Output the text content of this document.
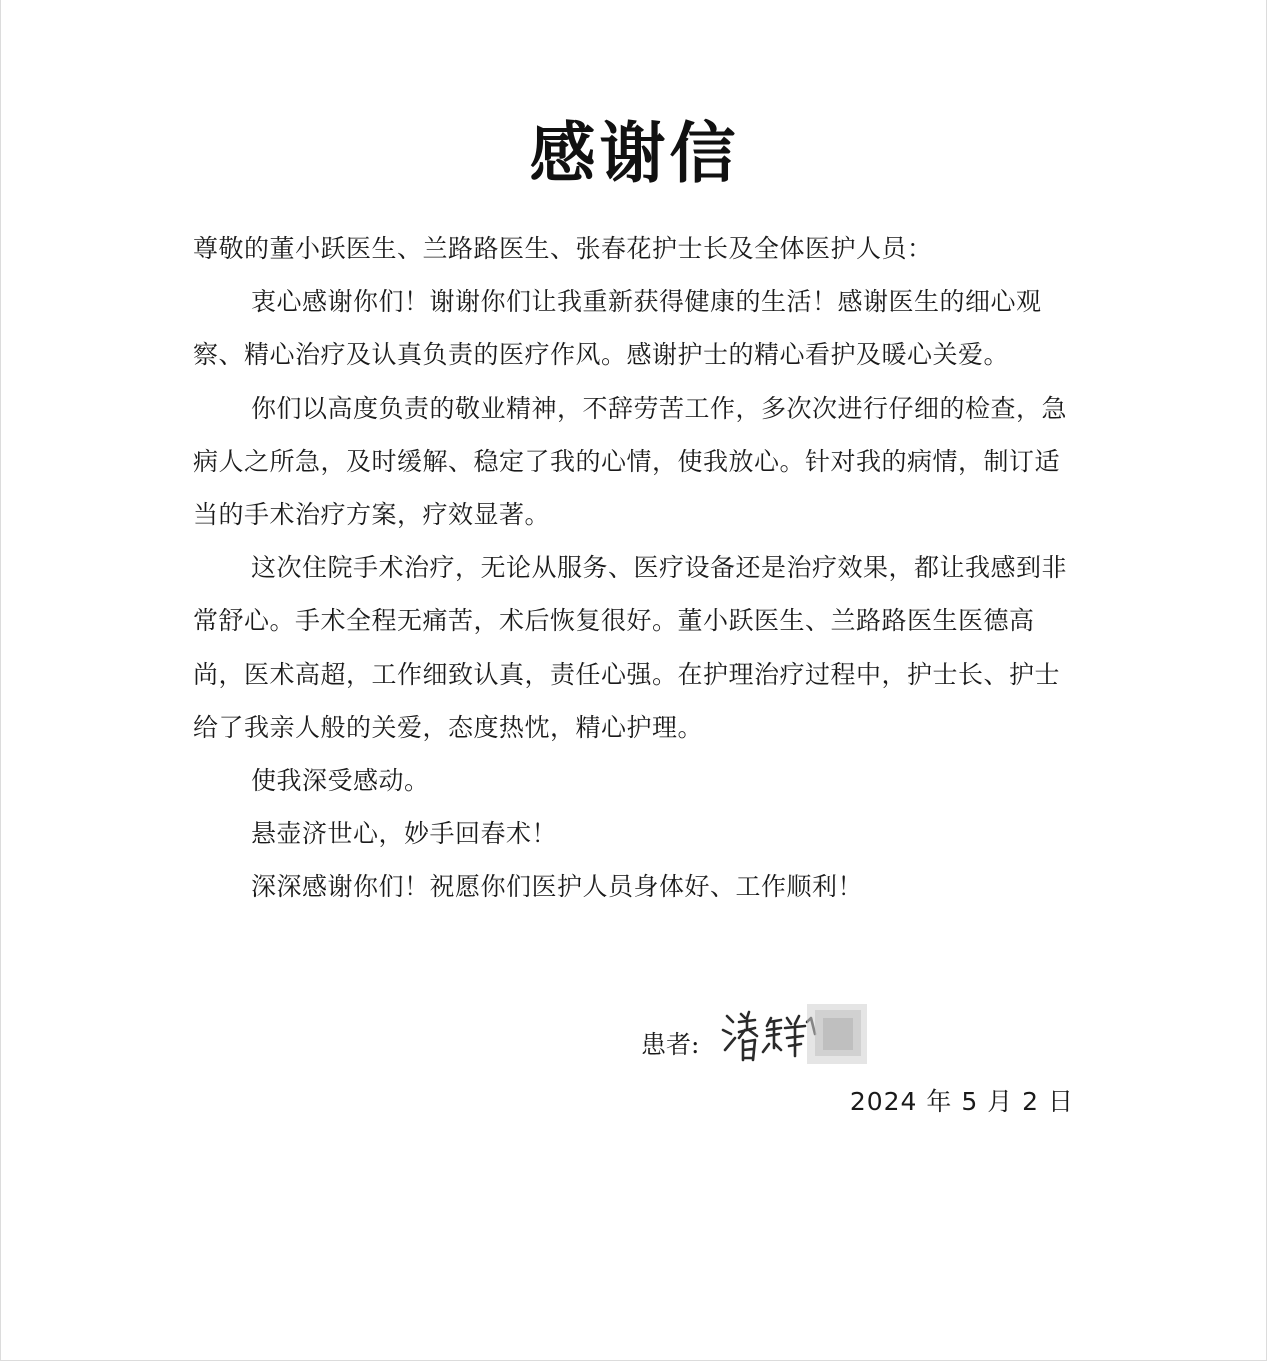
感谢信

尊敬的董小跃医生、兰路路医生、张春花护士长及全体医护人员：

衷心感谢你们！谢谢你们让我重新获得健康的生活！感谢医生的细心观察、精心治疗及认真负责的医疗作风。感谢护士的精心看护及暖心关爱。

你们以高度负责的敬业精神，不辞劳苦工作，多次次进行仔细的检查，急病人之所急，及时缓解、稳定了我的心情，使我放心。针对我的病情，制订适当的手术治疗方案，疗效显著。

这次住院手术治疗，无论从服务、医疗设备还是治疗效果，都让我感到非常舒心。手术全程无痛苦，术后恢复很好。董小跃医生、兰路路医生医德高尚，医术高超，工作细致认真，责任心强。在护理治疗过程中，护士长、护士给了我亲人般的关爱，态度热忱，精心护理。

使我深受感动。

悬壶济世心，妙手回春术！

深深感谢你们！祝愿你们医护人员身体好、工作顺利！

患者:
2024 年 5 月 2 日
